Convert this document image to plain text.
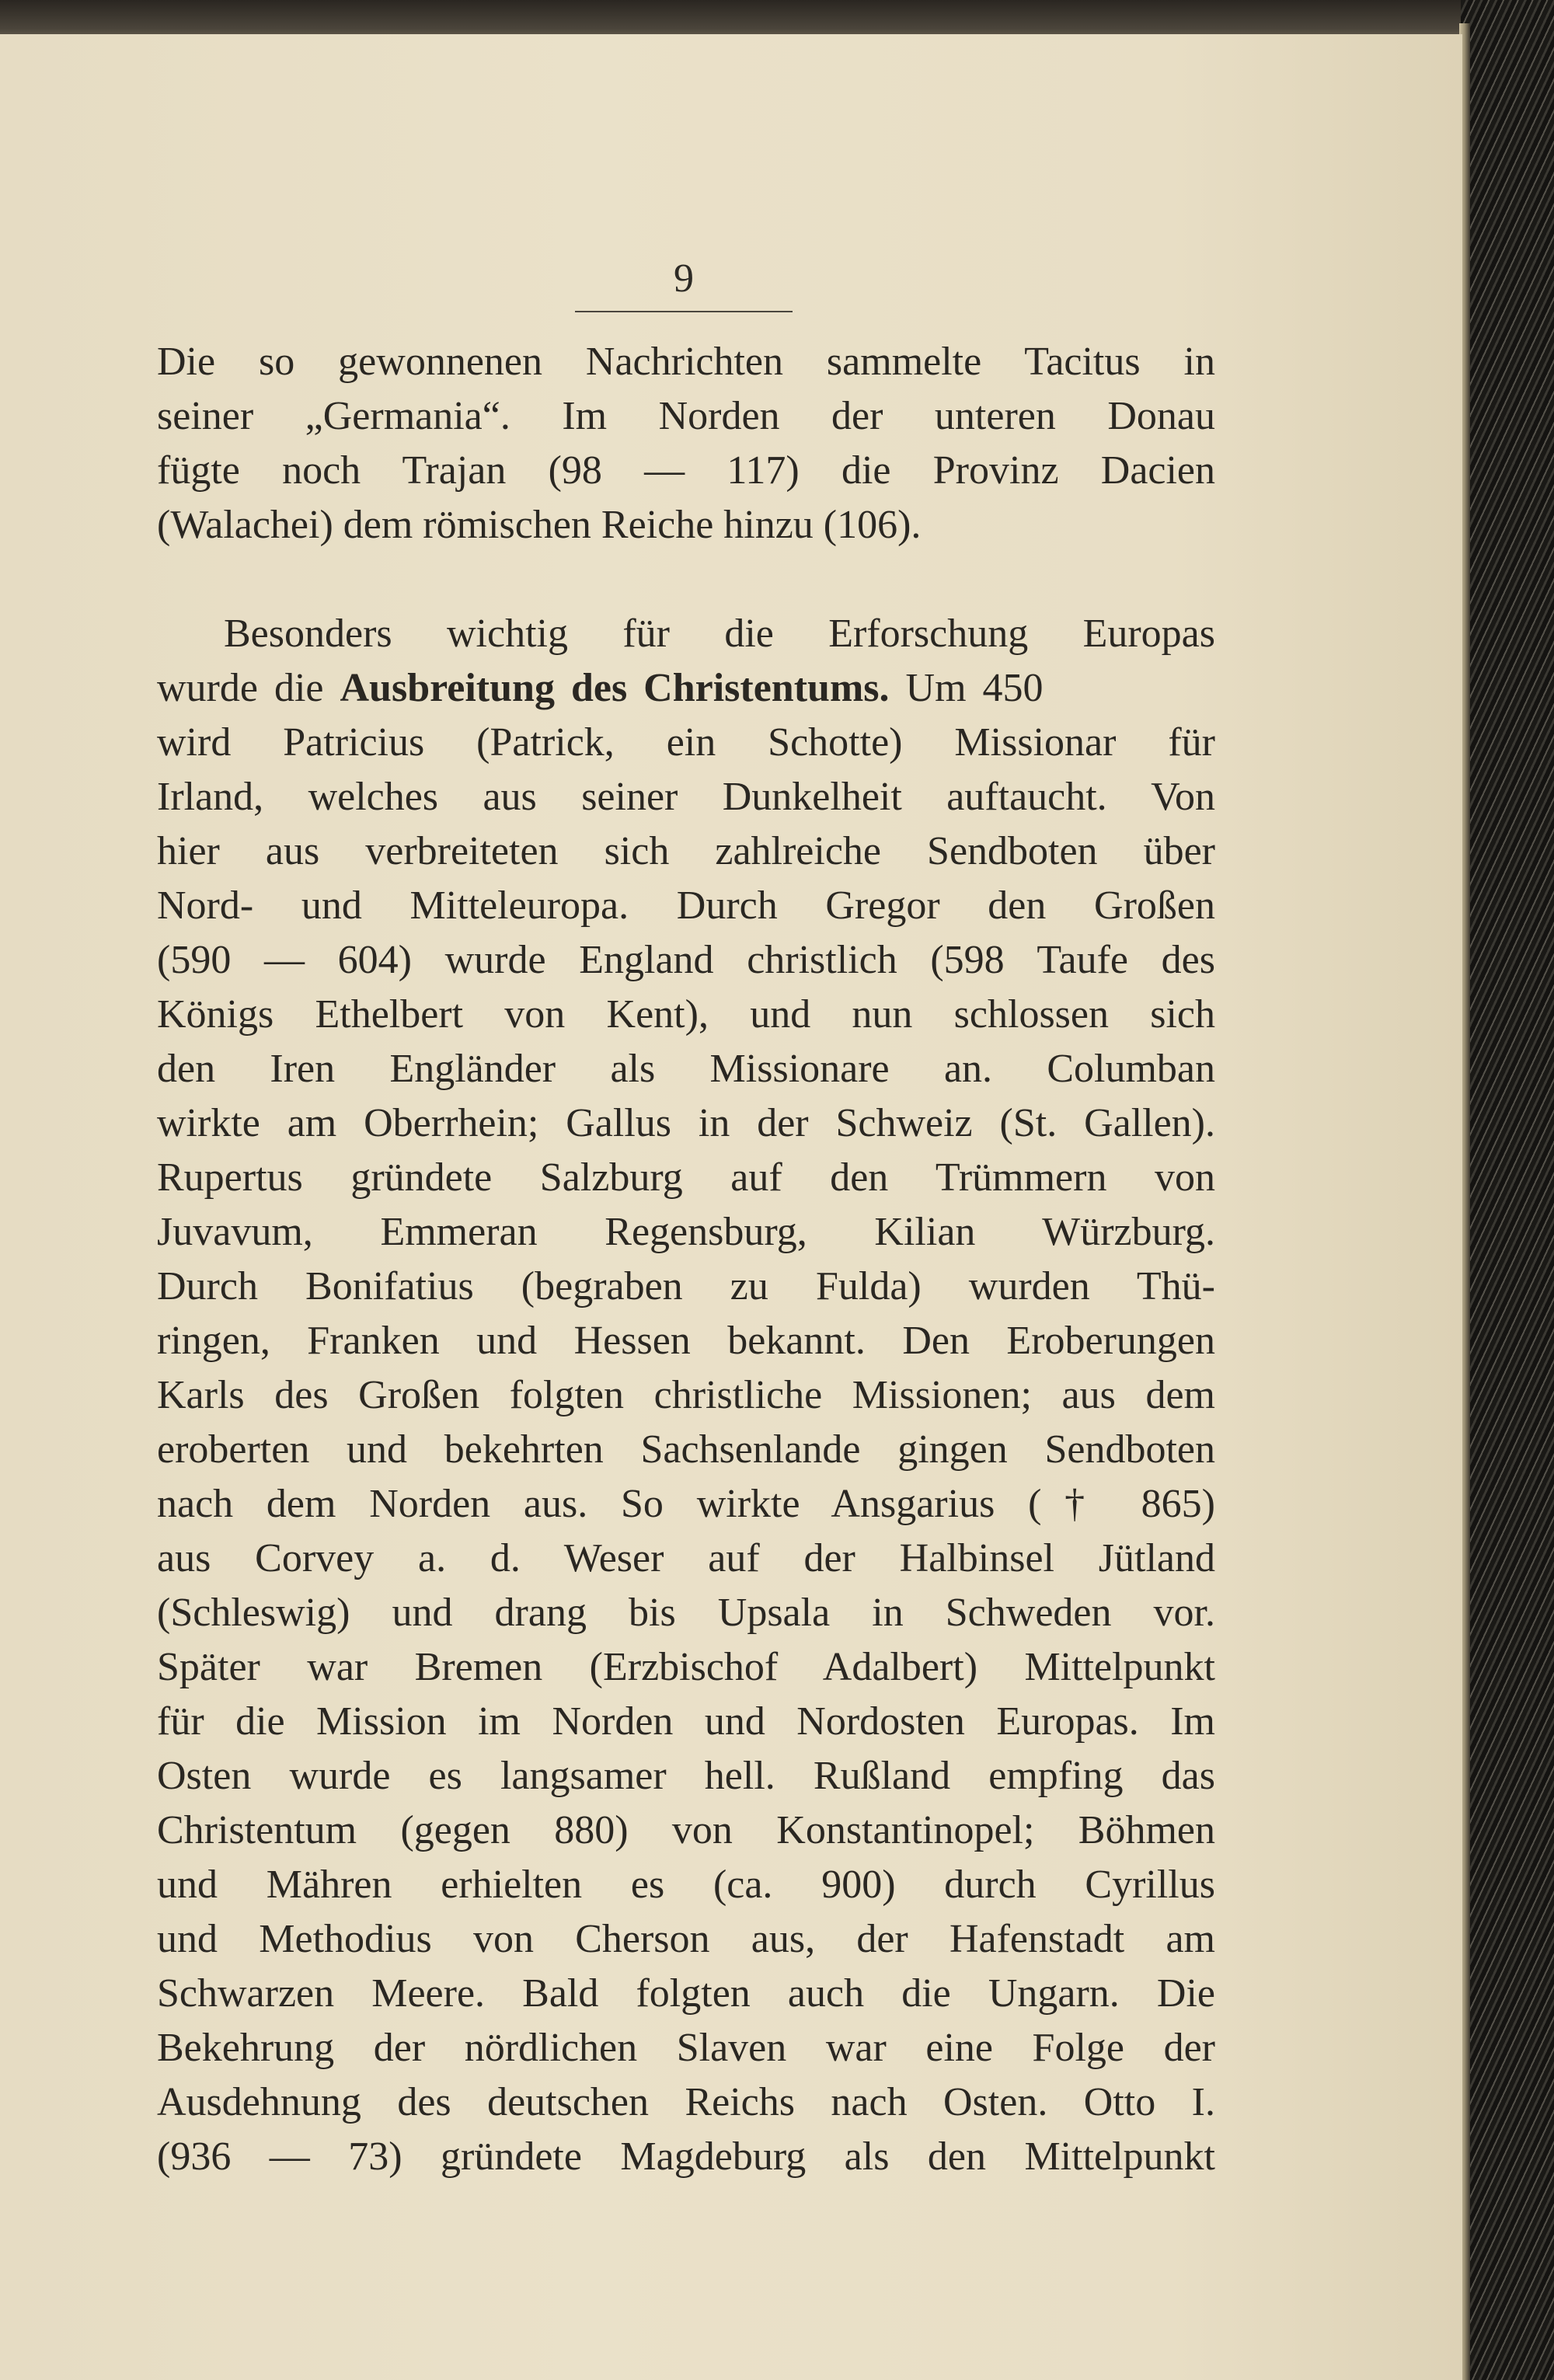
9
Die so gewonnenen Nachrichten sammelte Tacitus in
seiner „Germania“. Im Norden der unteren Donau
fügte noch Trajan (98 — 117) die Provinz Dacien
(Walachei) dem römischen Reiche hinzu (106).
Besonders wichtig für die Erforschung Europas
wurde die Ausbreitung des Christentums. Um 450
wird Patricius (Patrick, ein Schotte) Missionar für
Irland, welches aus seiner Dunkelheit auftaucht. Von
hier aus verbreiteten sich zahlreiche Sendboten über
Nord- und Mitteleuropa. Durch Gregor den Großen
(590 — 604) wurde England christlich (598 Taufe des
Königs Ethelbert von Kent), und nun schlossen sich
den Iren Engländer als Missionare an. Columban
wirkte am Oberrhein; Gallus in der Schweiz (St. Gallen).
Rupertus gründete Salzburg auf den Trümmern von
Juvavum, Emmeran Regensburg, Kilian Würzburg.
Durch Bonifatius (begraben zu Fulda) wurden Thü-
ringen, Franken und Hessen bekannt. Den Eroberungen
Karls des Großen folgten christliche Missionen; aus dem
eroberten und bekehrten Sachsenlande gingen Sendboten
nach dem Norden aus. So wirkte Ansgarius († 865)
aus Corvey a. d. Weser auf der Halbinsel Jütland
(Schleswig) und drang bis Upsala in Schweden vor.
Später war Bremen (Erzbischof Adalbert) Mittelpunkt
für die Mission im Norden und Nordosten Europas. Im
Osten wurde es langsamer hell. Rußland empfing das
Christentum (gegen 880) von Konstantinopel; Böhmen
und Mähren erhielten es (ca. 900) durch Cyrillus
und Methodius von Cherson aus, der Hafenstadt am
Schwarzen Meere. Bald folgten auch die Ungarn. Die
Bekehrung der nördlichen Slaven war eine Folge der
Ausdehnung des deutschen Reichs nach Osten. Otto I.
(936 — 73) gründete Magdeburg als den Mittelpunkt
